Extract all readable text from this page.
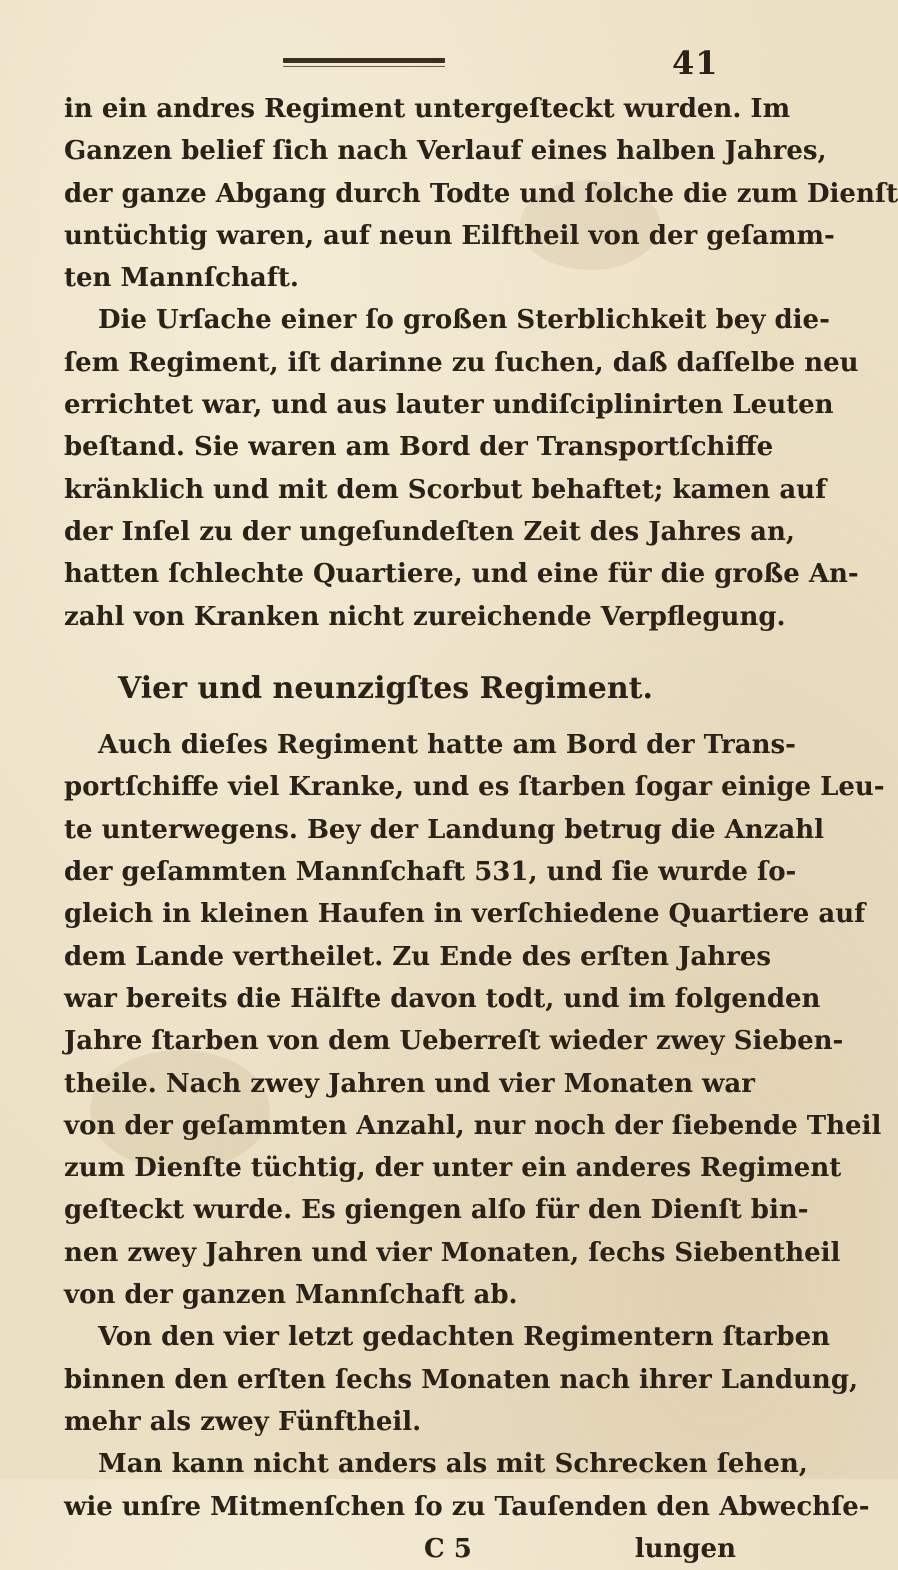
41
in ein andres Regiment untergeſteckt wurden. Im
Ganzen belief ſich nach Verlauf eines halben Jahres,
der ganze Abgang durch Todte und ſolche die zum Dienſt
untüchtig waren, auf neun Eilftheil von der geſamm-
ten Mannſchaft.
Die Urſache einer ſo großen Sterblichkeit bey die-
ſem Regiment, iſt darinne zu ſuchen, daß daſſelbe neu
errichtet war, und aus lauter undiſciplinirten Leuten
beſtand. Sie waren am Bord der Transportſchiffe
kränklich und mit dem Scorbut behaftet; kamen auf
der Inſel zu der ungeſundeſten Zeit des Jahres an,
hatten ſchlechte Quartiere, und eine für die große An-
zahl von Kranken nicht zureichende Verpflegung.
Vier und neunzigſtes Regiment.
Auch dieſes Regiment hatte am Bord der Trans-
portſchiffe viel Kranke, und es ſtarben ſogar einige Leu-
te unterwegens. Bey der Landung betrug die Anzahl
der geſammten Mannſchaft 531, und ſie wurde ſo-
gleich in kleinen Haufen in verſchiedene Quartiere auf
dem Lande vertheilet. Zu Ende des erſten Jahres
war bereits die Hälfte davon todt, und im folgenden
Jahre ſtarben von dem Ueberreſt wieder zwey Sieben-
theile. Nach zwey Jahren und vier Monaten war
von der geſammten Anzahl, nur noch der ſiebende Theil
zum Dienſte tüchtig, der unter ein anderes Regiment
geſteckt wurde. Es giengen alſo für den Dienſt bin-
nen zwey Jahren und vier Monaten, ſechs Siebentheil
von der ganzen Mannſchaft ab.
Von den vier letzt gedachten Regimentern ſtarben
binnen den erſten ſechs Monaten nach ihrer Landung,
mehr als zwey Fünftheil.
Man kann nicht anders als mit Schrecken ſehen,
wie unſre Mitmenſchen ſo zu Tauſenden den Abwechſe-
C 5	lungen
